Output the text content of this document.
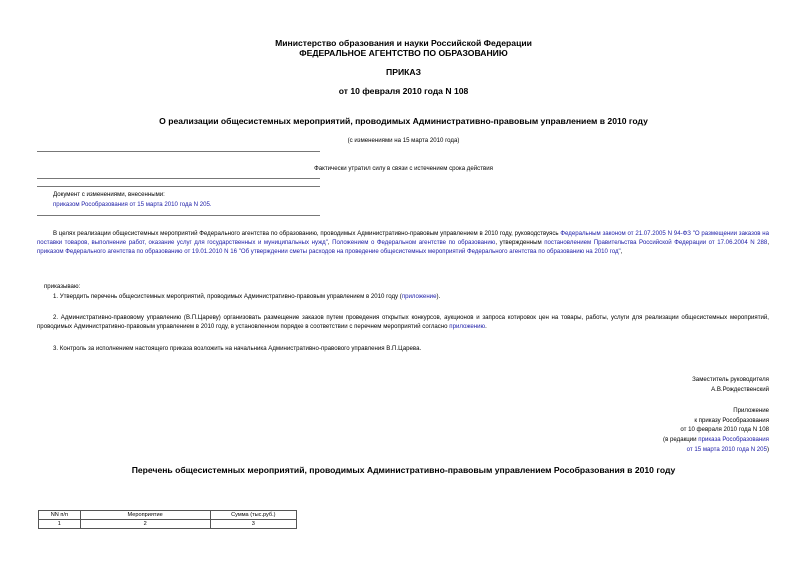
Министерство образования и науки Российской Федерации
ФЕДЕРАЛЬНОЕ АГЕНТСТВО ПО ОБРАЗОВАНИЮ
ПРИКАЗ
от 10 февраля 2010 года N 108
О реализации общесистемных мероприятий, проводимых Административно-правовым управлением в 2010 году
(с изменениями на 15 марта 2010 года)
Фактически утратил силу в связи с истечением срока действия
Документ с изменениями, внесенными:
приказом Рособразования от 15 марта 2010 года N 205.
В целях реализации общесистемных мероприятий Федерального агентства по образованию, проводимых Административно-правовым управлением в 2010 году, руководствуясь Федеральным законом от 21.07.2005 N 94-ФЗ "О размещении заказов на поставки товаров, выполнение работ, оказание услуг для государственных и муниципальных нужд", Положением о Федеральном агентстве по образованию, утвержденным постановлением Правительства Российской Федерации от 17.06.2004 N 288, приказом Федерального агентства по образованию от 19.01.2010 N 16 "Об утверждении сметы расходов на проведение общесистемных мероприятий Федерального агентства по образованию на 2010 год",
приказываю:
1. Утвердить перечень общесистемных мероприятий, проводимых Административно-правовым управлением в 2010 году (приложение).
2. Административно-правовому управлению (В.П.Цареву) организовать размещение заказов путем проведения открытых конкурсов, аукционов и запроса котировок цен на товары, работы, услуги для реализации общесистемных мероприятий, проводимых Административно-правовым управлением в 2010 году, в установленном порядке в соответствии с перечнем мероприятий согласно приложению.
3. Контроль за исполнением настоящего приказа возложить на начальника Административно-правового управления В.П.Царева.
Заместитель руководителя
А.В.Рождественский
Приложение
к приказу Рособразования
от 10 февраля 2010 года N 108
(в редакции приказа Рособразования
от 15 марта 2010 года N 205)
Перечень общесистемных мероприятий, проводимых Административно-правовым управлением Рособразования в 2010 году
NN п/п	Мероприятие	Сумма (тыс.руб.)
1	2	3
